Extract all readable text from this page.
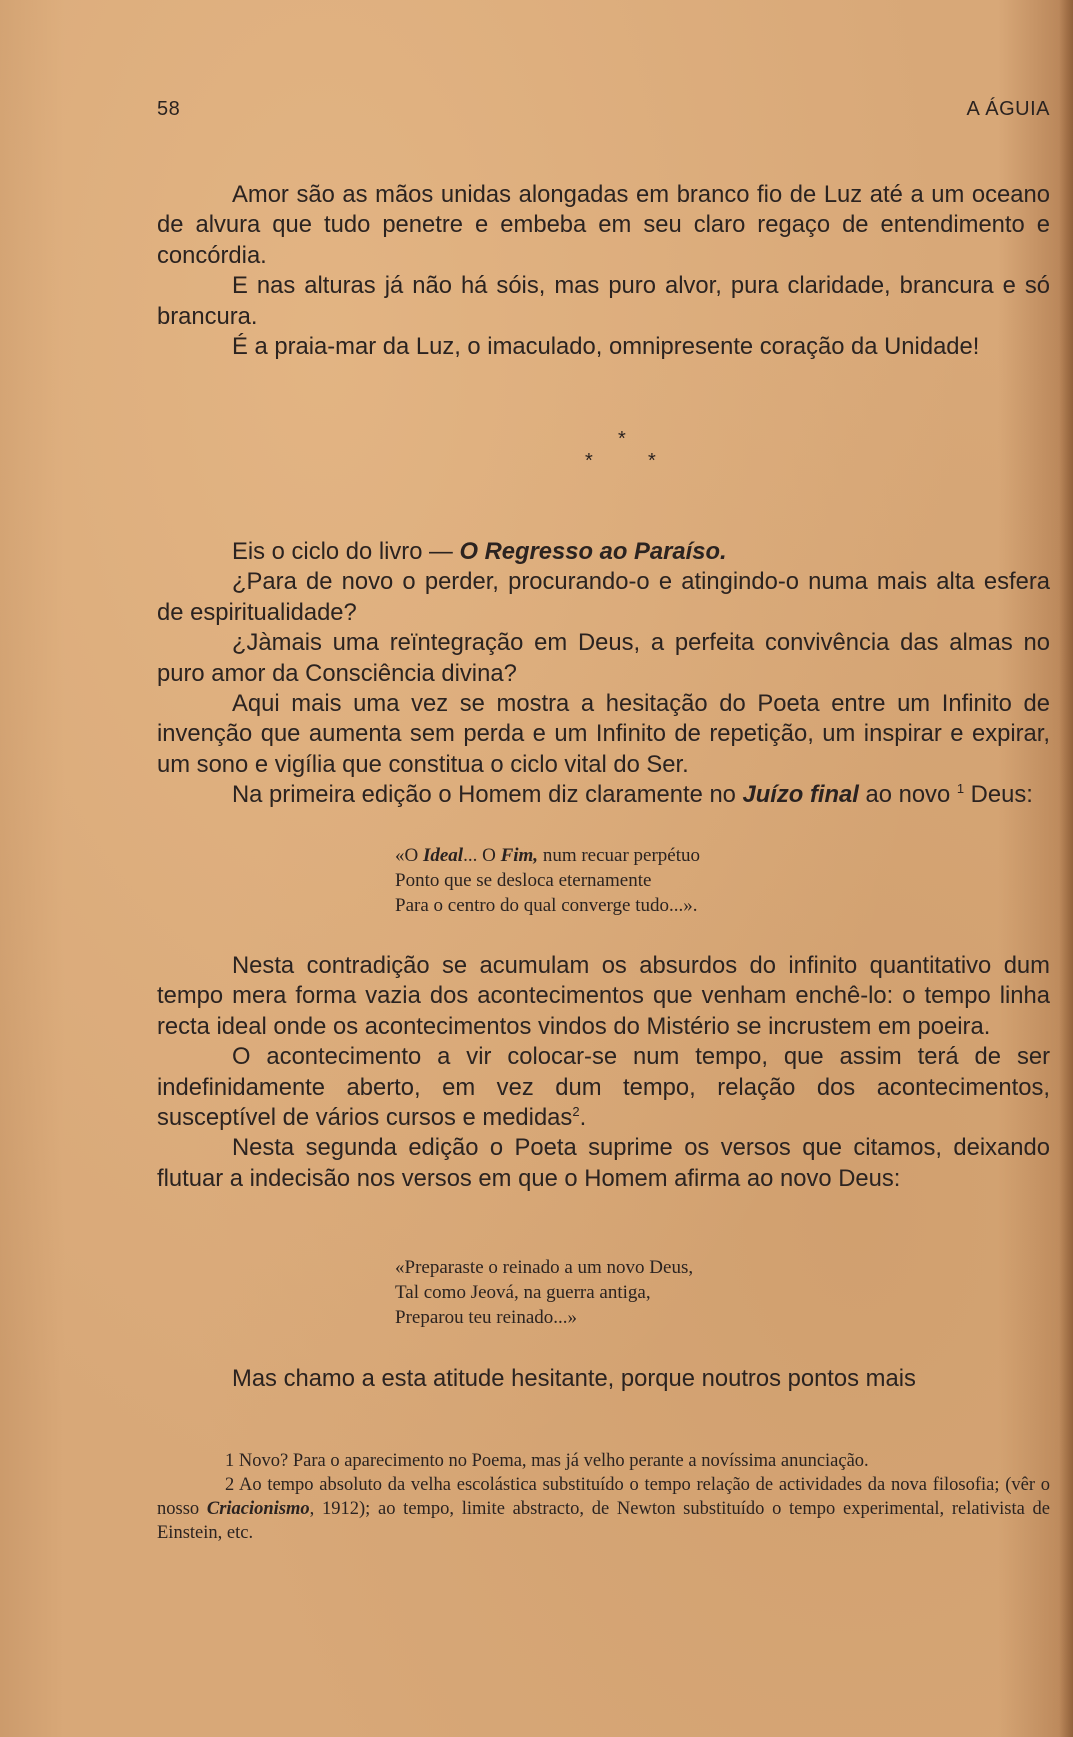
58	A ÁGUIA

Amor são as mãos unidas alongadas em branco fio de Luz até a um oceano de alvura que tudo penetre e embeba em seu claro regaço de entendimento e concórdia.

E nas alturas já não há sóis, mas puro alvor, pura claridade, brancura e só brancura.

É a praia-mar da Luz, o imaculado, omnipresente coração da Unidade!

*
*	*

Eis o ciclo do livro — O Regresso ao Paraíso.

¿Para de novo o perder, procurando-o e atingindo-o numa mais alta esfera de espiritualidade?

¿Jàmais uma reïntegração em Deus, a perfeita convivência das almas no puro amor da Consciência divina?

Aqui mais uma vez se mostra a hesitação do Poeta entre um Infinito de invenção que aumenta sem perda e um Infinito de repetição, um inspirar e expirar, um sono e vigília que constitua o ciclo vital do Ser.

Na primeira edição o Homem diz claramente no Juízo final ao novo $^1$ Deus:

«O Ideal... O Fim, num recuar perpétuo
Ponto que se desloca eternamente
Para o centro do qual converge tudo...».

Nesta contradição se acumulam os absurdos do infinito quantitativo dum tempo mera forma vazia dos acontecimentos que venham enchê-lo: o tempo linha recta ideal onde os acontecimentos vindos do Mistério se incrustem em poeira.

O acontecimento a vir colocar-se num tempo, que assim terá de ser indefinidamente aberto, em vez dum tempo, relação dos acontecimentos, susceptível de vários cursos e medidas$^2$.

Nesta segunda edição o Poeta suprime os versos que citamos, deixando flutuar a indecisão nos versos em que o Homem afirma ao novo Deus:

«Preparaste o reinado a um novo Deus,
Tal como Jeová, na guerra antiga,
Preparou teu reinado...»

Mas chamo a esta atitude hesitante, porque noutros pontos mais

1 Novo? Para o aparecimento no Poema, mas já velho perante a novíssima anunciação.

2 Ao tempo absoluto da velha escolástica substituído o tempo relação de actividades da nova filosofia; (vêr o nosso Criacionismo, 1912); ao tempo, limite abstracto, de Newton substituído o tempo experimental, relativista de Einstein, etc.
